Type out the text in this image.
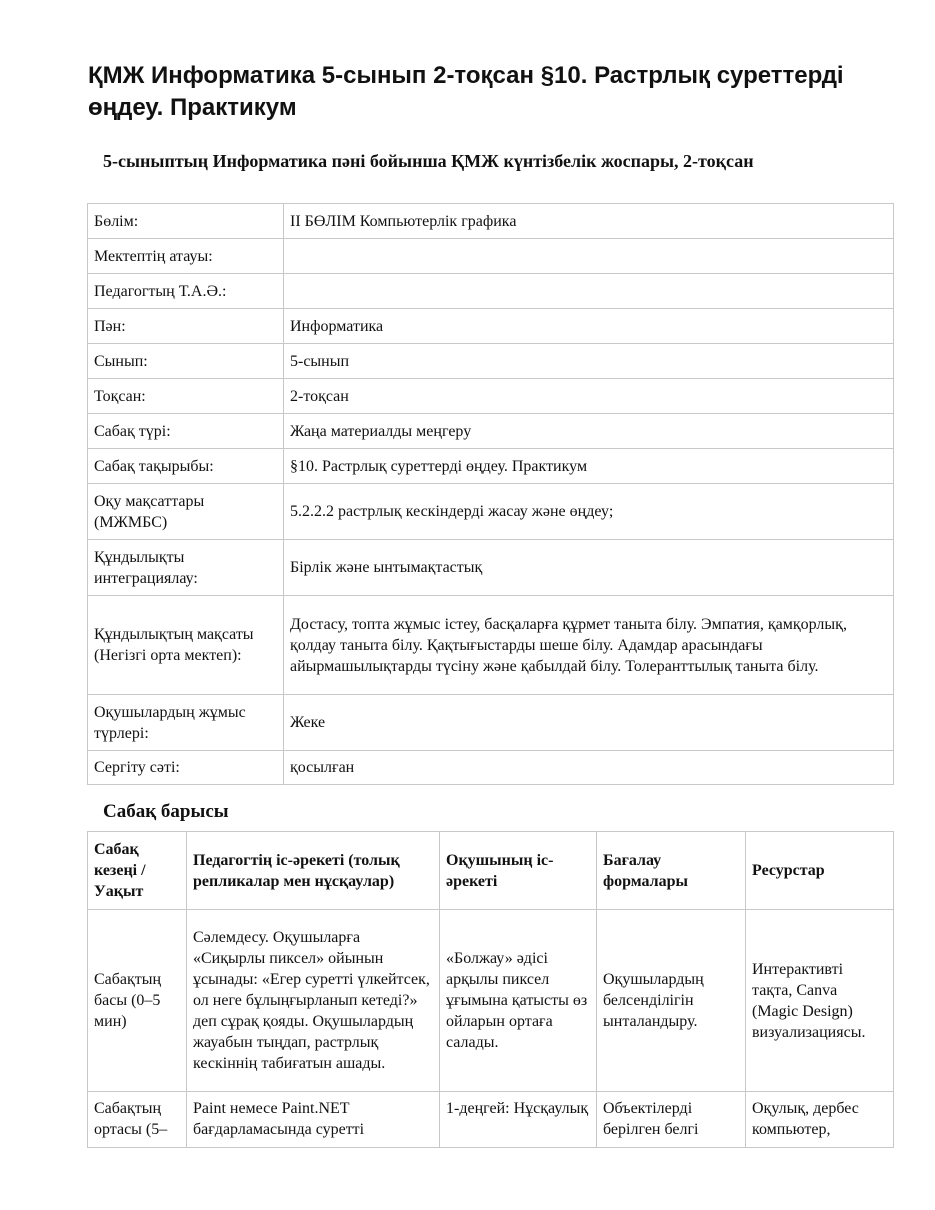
ҚМЖ Информатика 5-сынып 2-тоқсан §10. Растрлық суреттерді өңдеу. Практикум
5-сыныптың Информатика пәні бойынша ҚМЖ күнтізбелік жоспары, 2-тоқсан
Бөлім:	ІІ БӨЛІМ Компьютерлік графика
Мектептің атауы:	
Педагогтың Т.А.Ә.:	
Пән:	Информатика
Сынып:	5-сынып
Тоқсан:	2-тоқсан
Сабақ түрі:	Жаңа материалды меңгеру
Сабақ тақырыбы:	§10. Растрлық суреттерді өңдеу. Практикум
Оқу мақсаттары (МЖМБС)	5.2.2.2 растрлық кескіндерді жасау және өңдеу;
Құндылықты интеграциялау:	Бірлік және ынтымақтастық
Құндылықтың мақсаты (Негізгі орта мектеп):	Достасу, топта жұмыс істеу, басқаларға құрмет таныта білу. Эмпатия, қамқорлық, қолдау таныта білу. Қақтығыстарды шеше білу. Адамдар арасындағы айырмашылықтарды түсіну және қабылдай білу. Толеранттылық таныта білу.
Оқушылардың жұмыс түрлері:	Жеке
Сергіту сәті:	қосылған
Сабақ барысы
Сабақ кезеңі / Уақыт	Педагогтің іс-әрекеті (толық репликалар мен нұсқаулар)	Оқушының іс-әрекеті	Бағалау формалары	Ресурстар
Сабақтың басы (0–5 мин)	Сәлемдесу. Оқушыларға «Сиқырлы пиксел» ойынын ұсынады: «Егер суретті үлкейтсек, ол неге бұлыңғырланып кетеді?» деп сұрақ қояды. Оқушылардың жауабын тыңдап, растрлық кескіннің табиғатын ашады.	«Болжау» әдісі арқылы пиксел ұғымына қатысты өз ойларын ортаға салады.	Оқушылардың белсенділігін ынталандыру.	Интерактивті тақта, Canva (Magic Design) визуализациясы.
Сабақтың ортасы (5–	Paint немесе Paint.NET бағдарламасында суретті	1-деңгей: Нұсқаулық	Объектілерді берілген белгі	Оқулық, дербес компьютер,
